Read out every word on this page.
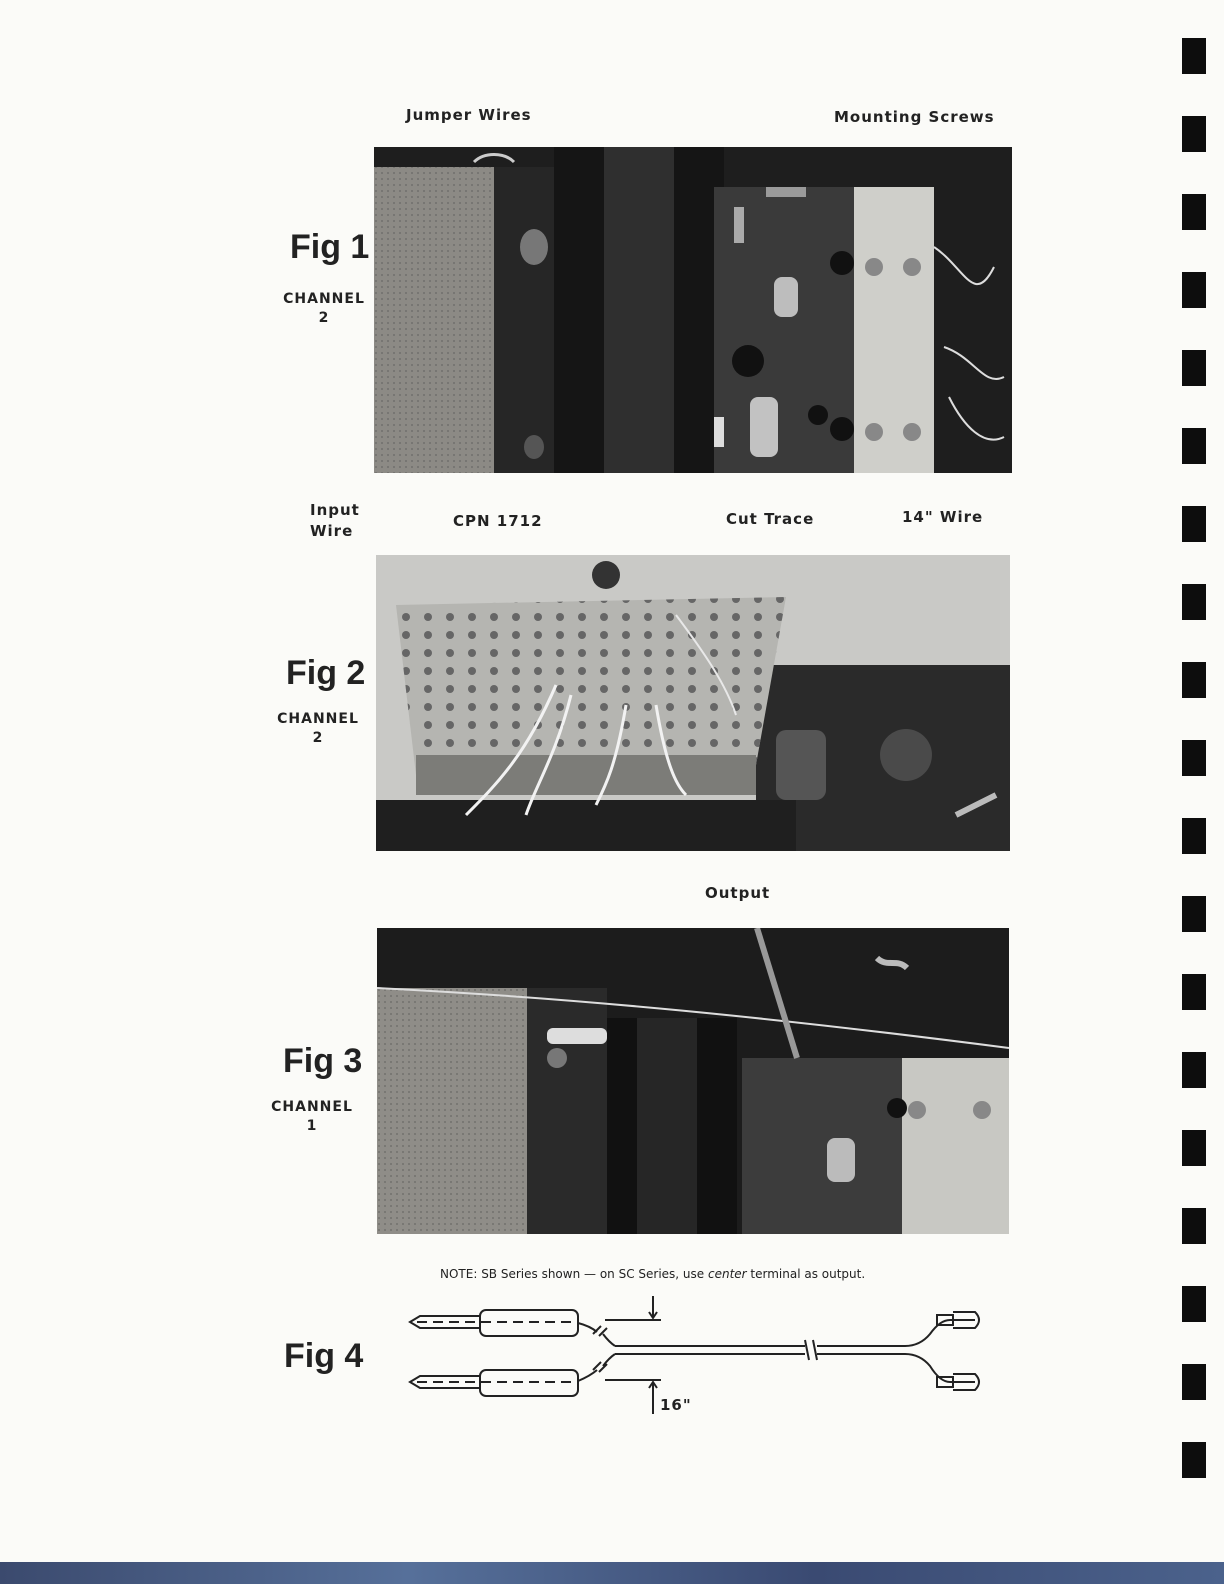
Jumper Wires	Mounting Screws
Fig 1
CHANNEL
2
Input
Wire
CPN 1712	Cut Trace	14" Wire
Fig 2
CHANNEL
2
Output
Fig 3
CHANNEL
1
NOTE: SB Series shown — on SC Series, use center terminal as output.
Fig 4
16"
